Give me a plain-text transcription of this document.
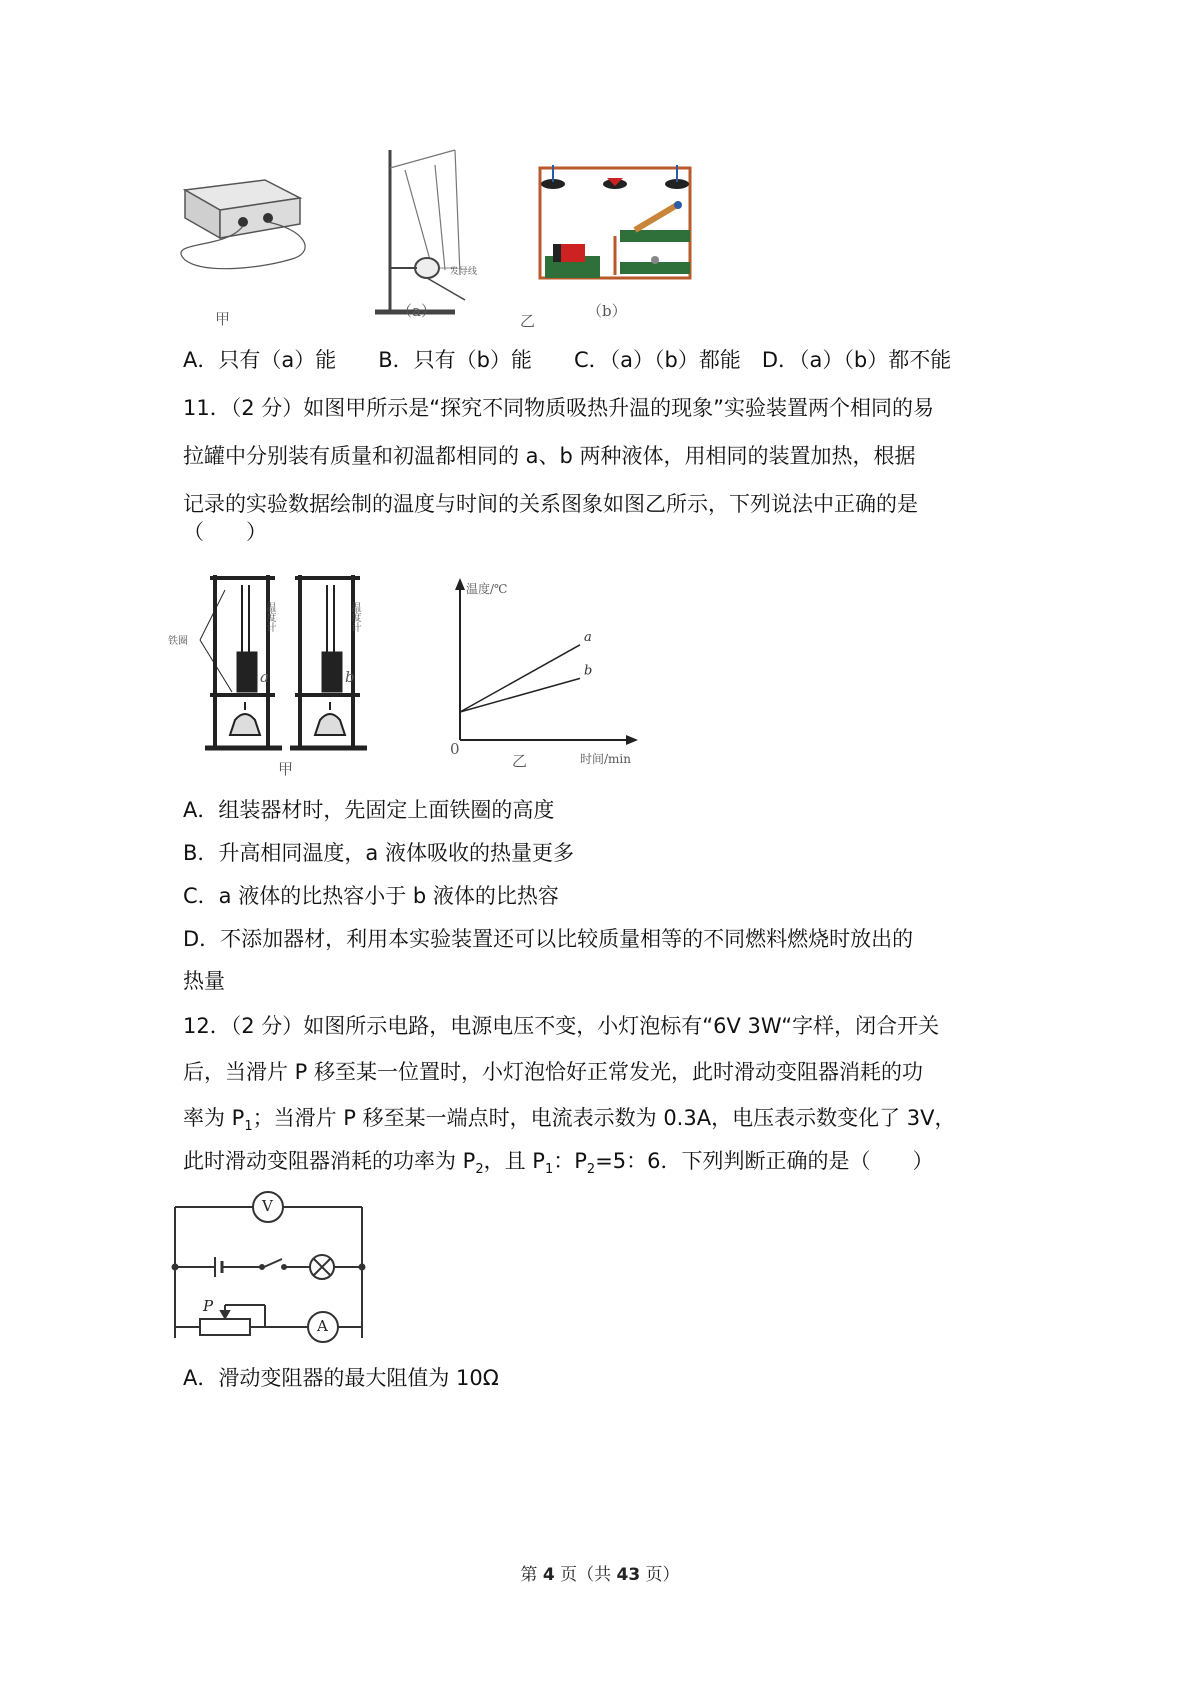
甲	（a）
乙
（b）
发导线
A．只有（a）能　　B．只有（b）能　　C．（a）（b）都能　D．（a）（b）都不能
11．（2 分）如图甲所示是“探究不同物质吸热升温的现象”实验装置两个相同的易
拉罐中分别装有质量和初温都相同的 a、b 两种液体，用相同的装置加热，根据
记录的实验数据绘制的温度与时间的关系图象如图乙所示，下列说法中正确的是
（　　）
铁圈
温度计	温度计
a	b
甲
a
b
温度/℃
时间/min
0
乙
A．组装器材时，先固定上面铁圈的高度
B．升高相同温度，a 液体吸收的热量更多
C．a 液体的比热容小于 b 液体的比热容
D．不添加器材，利用本实验装置还可以比较质量相等的不同燃料燃烧时放出的
热量
12．（2 分）如图所示电路，电源电压不变，小灯泡标有“6V 3W“字样，闭合开关
后，当滑片 P 移至某一位置时，小灯泡恰好正常发光，此时滑动变阻器消耗的功
率为 $P_1$；当滑片 P 移至某一端点时，电流表示数为 0.3A，电压表示数变化了 3V，
此时滑动变阻器消耗的功率为 $P_2$，且 $P_1$：$P_2=5$：6．下列判断正确的是（　　）
V
A
P
A．滑动变阻器的最大阻值为 10Ω
第 4 页（共 43 页）
